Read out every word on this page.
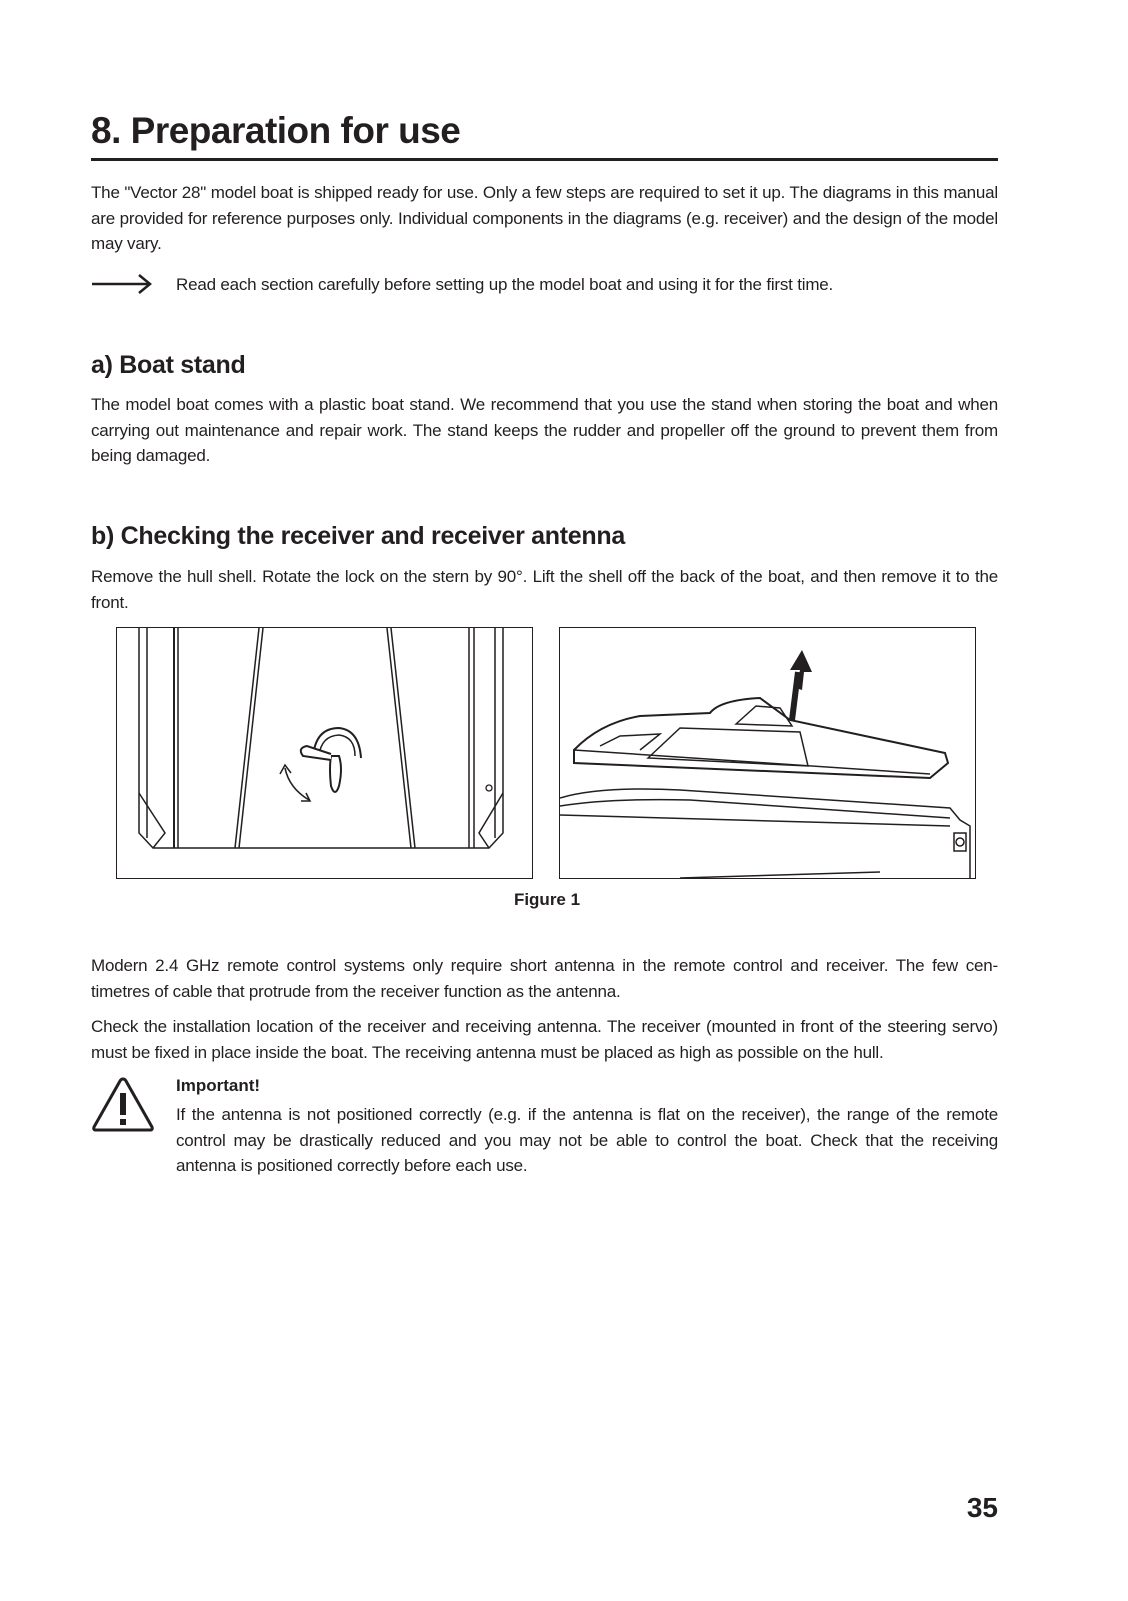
8. Preparation for use

The "Vector 28" model boat is shipped ready for use. Only a few steps are required to set it up. The diagrams in this manual are provided for reference purposes only. Individual components in the diagrams (e.g. receiver) and the design of the model may vary.

Read each section carefully before setting up the model boat and using it for the first time.

a) Boat stand

The model boat comes with a plastic boat stand. We recommend that you use the stand when storing the boat and when carrying out maintenance and repair work. The stand keeps the rudder and propeller off the ground to prevent them from being damaged.

b) Checking the receiver and receiver antenna

Remove the hull shell. Rotate the lock on the stern by 90°. Lift the shell off the back of the boat, and then remove it to the front.

Figure 1

Modern 2.4 GHz remote control systems only require short antenna in the remote control and receiver. The few cen-timetres of cable that protrude from the receiver function as the antenna.

Check the installation location of the receiver and receiving antenna. The receiver (mounted in front of the steering servo) must be fixed in place inside the boat. The receiving antenna must be placed as high as possible on the hull.

Important!

If the antenna is not positioned correctly (e.g. if the antenna is flat on the receiver), the range of the remote control may be drastically reduced and you may not be able to control the boat. Check that the receiving antenna is positioned correctly before each use.

35
